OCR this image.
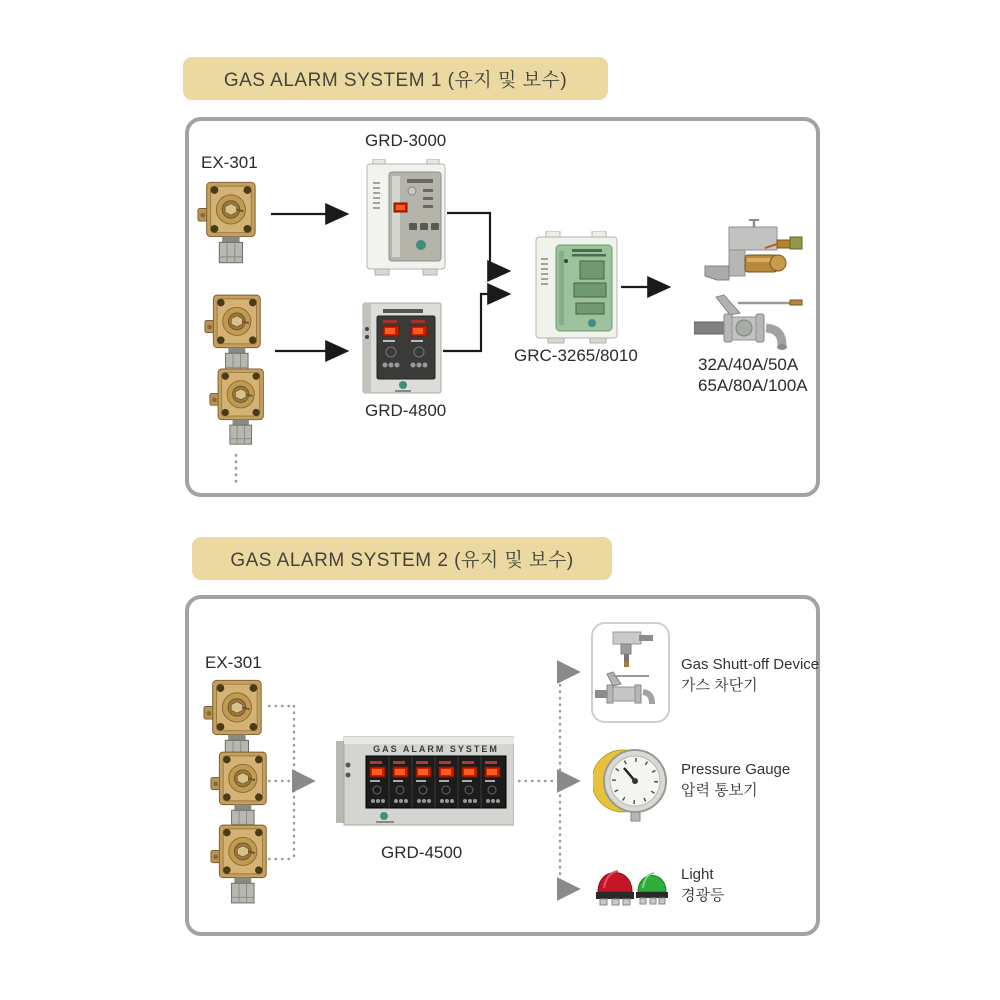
GAS ALARM SYSTEM 1 (유지 및 보수)
EX-301
GRD-3000
GRD-4800
GRC-3265/8010	32A/40A/50A
65A/80A/100A
GAS ALARM SYSTEM 2 (유지 및 보수)
EX-301
GAS ALARM SYSTEM
GRD-4500
Gas Shutt-off Device
가스 차단기
Pressure Gauge
압력 통보기
Light
경광등
